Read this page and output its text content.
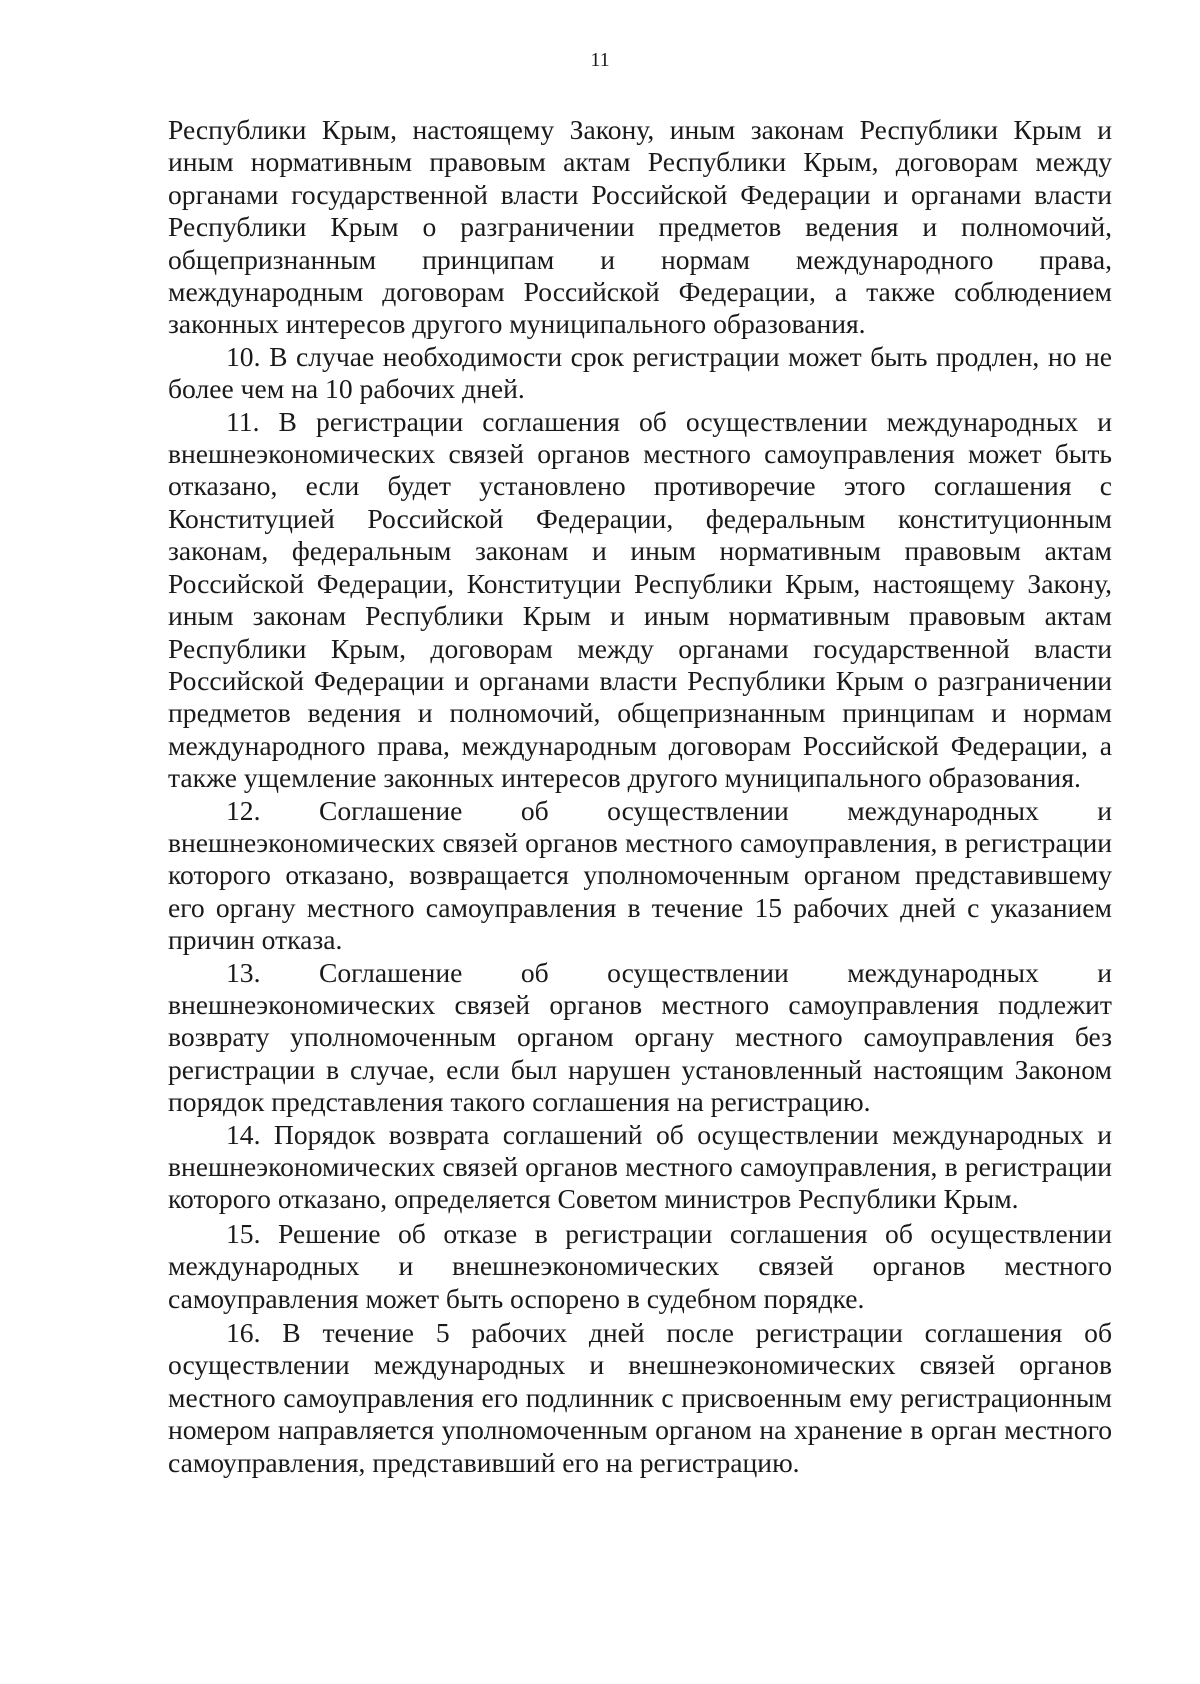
11

Республики Крым, настоящему Закону, иным законам Республики Крым и иным нормативным правовым актам Республики Крым, договорам между органами государственной власти Российской Федерации и органами власти Республики Крым о разграничении предметов ведения и полномочий, общепризнанным принципам и нормам международного права, международным договорам Российской Федерации, а также соблюдением законных интересов другого муниципального образования.

10. В случае необходимости срок регистрации может быть продлен, но не более чем на 10 рабочих дней.

11. В регистрации соглашения об осуществлении международных и внешнеэкономических связей органов местного самоуправления может быть отказано, если будет установлено противоречие этого соглашения с Конституцией Российской Федерации, федеральным конституционным законам, федеральным законам и иным нормативным правовым актам Российской Федерации, Конституции Республики Крым, настоящему Закону, иным законам Республики Крым и иным нормативным правовым актам Республики Крым, договорам между органами государственной власти Российской Федерации и органами власти Республики Крым о разграничении предметов ведения и полномочий, общепризнанным принципам и нормам международного права, международным договорам Российской Федерации, а также ущемление законных интересов другого муниципального образования.

12. Соглашение об осуществлении международных и внешнеэкономических связей органов местного самоуправления, в регистрации которого отказано, возвращается уполномоченным органом представившему его органу местного самоуправления в течение 15 рабочих дней с указанием причин отказа.

13. Соглашение об осуществлении международных и внешнеэкономических связей органов местного самоуправления подлежит возврату уполномоченным органом органу местного самоуправления без регистрации в случае, если был нарушен установленный настоящим Законом порядок представления такого соглашения на регистрацию.

14. Порядок возврата соглашений об осуществлении международных и внешнеэкономических связей органов местного самоуправления, в регистрации которого отказано, определяется Советом министров Республики Крым.

15. Решение об отказе в регистрации соглашения об осуществлении международных и внешнеэкономических связей органов местного самоуправления может быть оспорено в судебном порядке.

16. В течение 5 рабочих дней после регистрации соглашения об осуществлении международных и внешнеэкономических связей органов местного самоуправления его подлинник с присвоенным ему регистрационным номером направляется уполномоченным органом на хранение в орган местного самоуправления, представивший его на регистрацию.
